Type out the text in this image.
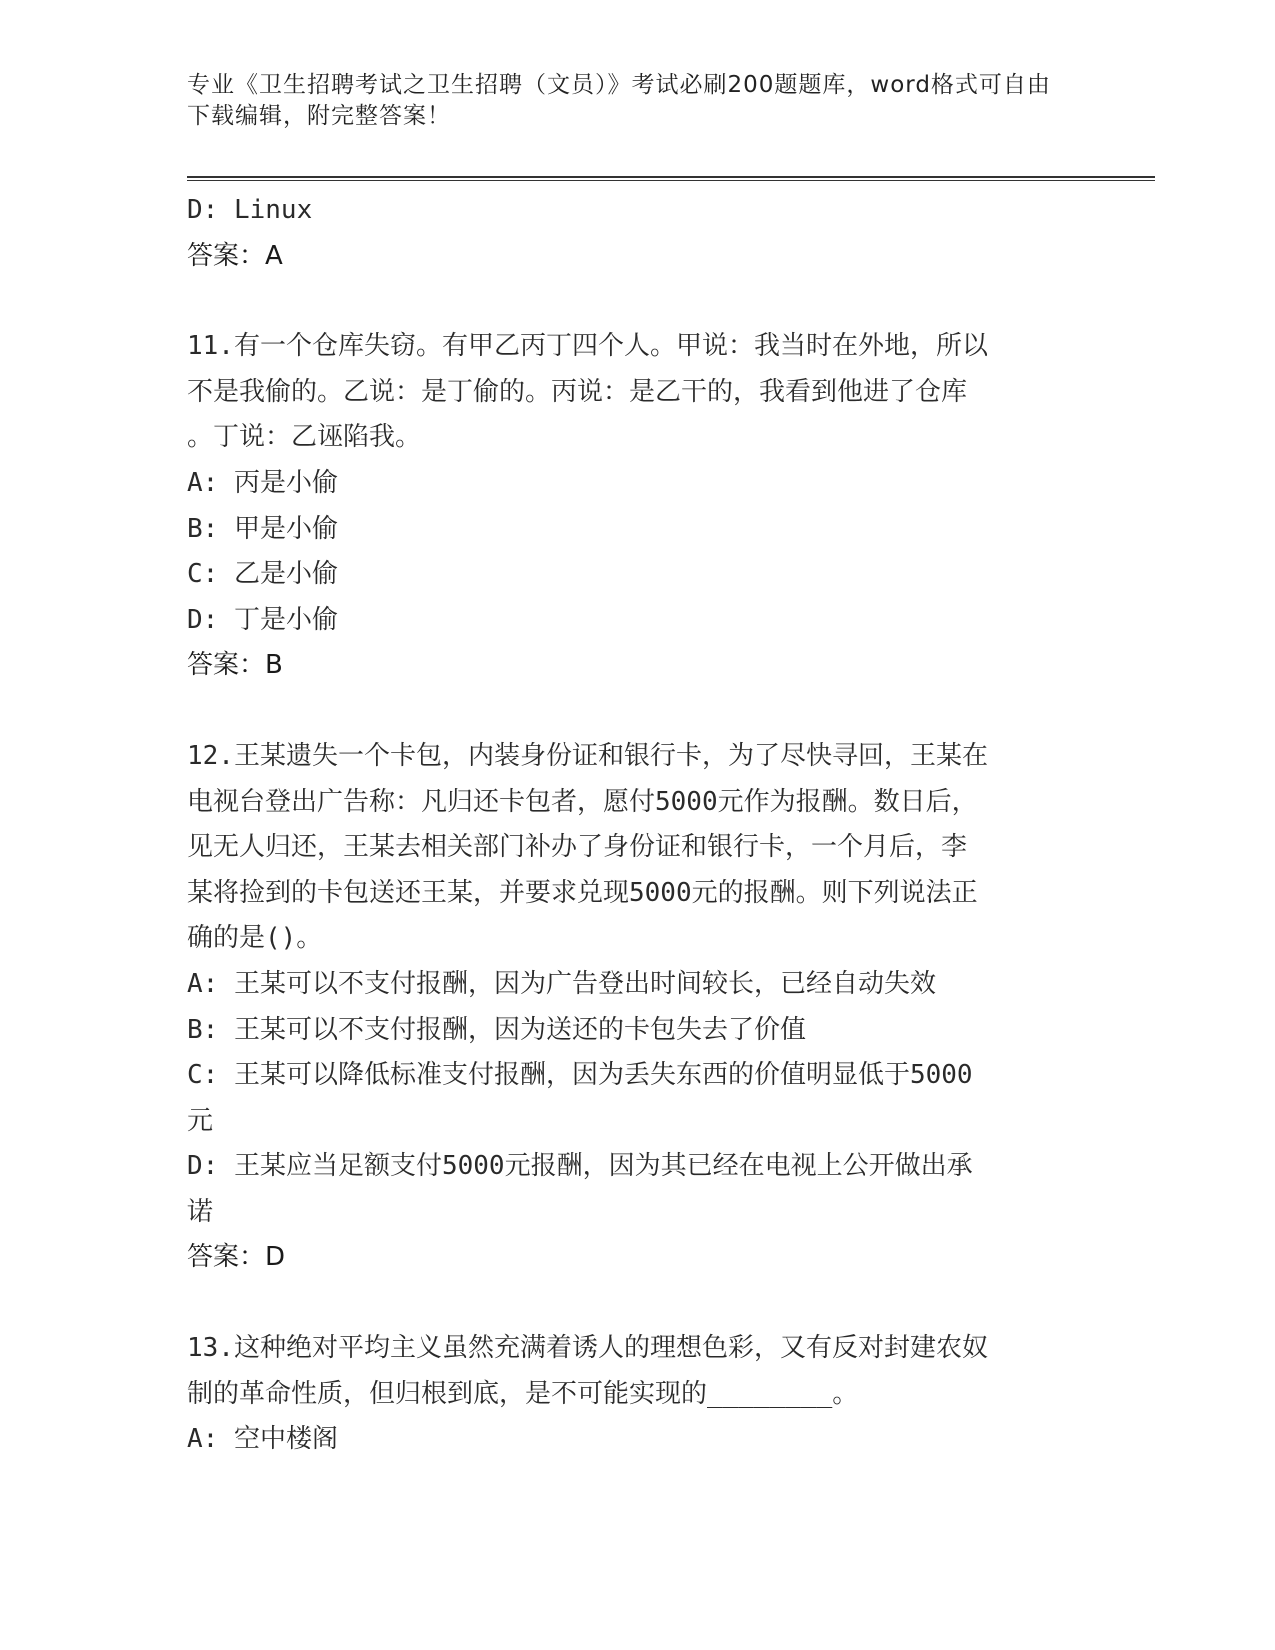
专业《卫生招聘考试之卫生招聘（文员）》考试必刷200题题库，word格式可自由下载编辑，附完整答案！

D: Linux

答案：A

11.有一个仓库失窃。有甲乙丙丁四个人。甲说：我当时在外地，所以

不是我偷的。乙说：是丁偷的。丙说：是乙干的，我看到他进了仓库

。丁说：乙诬陷我。

A: 丙是小偷

B: 甲是小偷

C: 乙是小偷

D: 丁是小偷

答案：B

12.王某遗失一个卡包，内装身份证和银行卡，为了尽快寻回，王某在

电视台登出广告称：凡归还卡包者，愿付5000元作为报酬。数日后，

见无人归还，王某去相关部门补办了身份证和银行卡，一个月后，李

某将捡到的卡包送还王某，并要求兑现5000元的报酬。则下列说法正

确的是()。

A: 王某可以不支付报酬，因为广告登出时间较长，已经自动失效

B: 王某可以不支付报酬，因为送还的卡包失去了价值

C: 王某可以降低标准支付报酬，因为丢失东西的价值明显低于5000

元

D: 王某应当足额支付5000元报酬，因为其已经在电视上公开做出承

诺

答案：D

13.这种绝对平均主义虽然充满着诱人的理想色彩，又有反对封建农奴

制的革命性质，但归根到底，是不可能实现的________。

A: 空中楼阁
